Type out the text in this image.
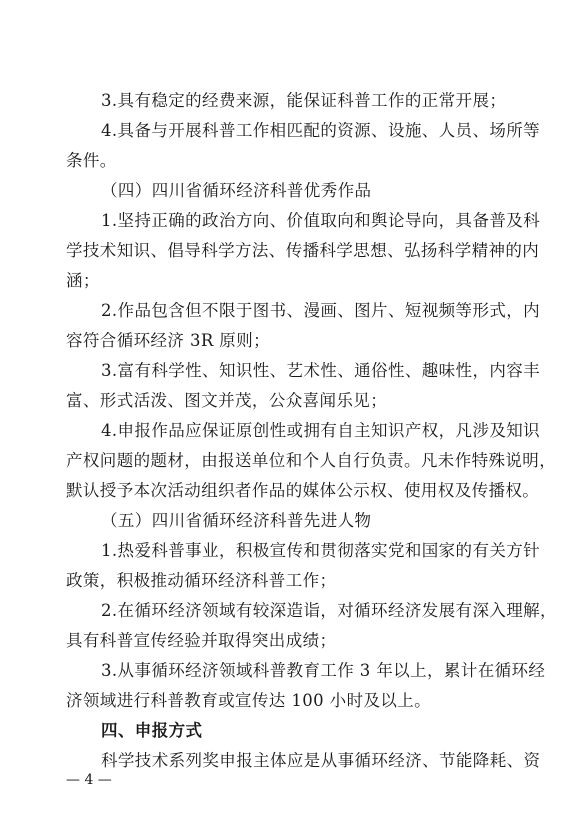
3.具有稳定的经费来源，能保证科普工作的正常开展；
4.具备与开展科普工作相匹配的资源、设施、人员、场所等
条件。
（四）四川省循环经济科普优秀作品
1.坚持正确的政治方向、价值取向和舆论导向，具备普及科
学技术知识、倡导科学方法、传播科学思想、弘扬科学精神的内
涵；
2.作品包含但不限于图书、漫画、图片、短视频等形式，内
容符合循环经济 3R 原则；
3.富有科学性、知识性、艺术性、通俗性、趣味性，内容丰
富、形式活泼、图文并茂，公众喜闻乐见；
4.申报作品应保证原创性或拥有自主知识产权，凡涉及知识
产权问题的题材，由报送单位和个人自行负责。凡未作特殊说明，
默认授予本次活动组织者作品的媒体公示权、使用权及传播权。
（五）四川省循环经济科普先进人物
1.热爱科普事业，积极宣传和贯彻落实党和国家的有关方针
政策，积极推动循环经济科普工作；
2.在循环经济领域有较深造诣，对循环经济发展有深入理解，
具有科普宣传经验并取得突出成绩；
3.从事循环经济领域科普教育工作 3 年以上，累计在循环经
济领域进行科普教育或宣传达 100 小时及以上。
四、申报方式
科学技术系列奖申报主体应是从事循环经济、节能降耗、资
— 4 —
